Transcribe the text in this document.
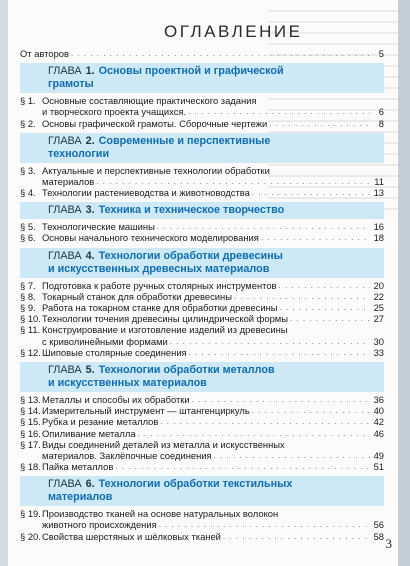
ОГЛАВЛЕНИЕ
От авторов . . .	5
ГЛАВА 1. Основы проектной и графической
грамоты
§ 1. Основные составляющие практического задания
и творческого проекта учащихся. . . .	6
§ 2. Основы графической грамоты. Сборочные чертежи . . .	8
ГЛАВА 2. Современные и перспективные
технологии
§ 3. Актуальные и перспективные технологии обработки
материалов . . .	11
§ 4. Технологии растениеводства и животноводства . . .	13
ГЛАВА 3. Техника и техническое творчество
§ 5. Технологические машины . . .	16
§ 6. Основы начального технического моделирования . . .	18
ГЛАВА 4. Технологии обработки древесины
и искусственных древесных материалов
§ 7. Подготовка к работе ручных столярных инструментов . . .	20
§ 8. Токарный станок для обработки древесины . . .	22
§ 9. Работа на токарном станке для обработки древесины . . .	25
§ 10. Технологии точения древесины цилиндрической формы . . .	27
§ 11. Конструирование и изготовление изделий из древесины
с криволинейными формами . . .	30
§ 12. Шиповые столярные соединения . . .	33
ГЛАВА 5. Технологии обработки металлов
и искусственных материалов
§ 13. Металлы и способы их обработки . . .	36
§ 14. Измерительный инструмент — штангенциркуль . . .	40
§ 15. Рубка и резание металлов . . .	42
§ 16. Опиливание металла . . .	46
§ 17. Виды соединений деталей из металла и искусственных
материалов. Заклёпочные соединения . . .	49
§ 18. Пайка металлов . . .	51
ГЛАВА 6. Технологии обработки текстильных
материалов
§ 19. Производство тканей на основе натуральных волокон
животного происхождения . . .	56
§ 20. Свойства шерстяных и шёлковых тканей . . .	58 3
